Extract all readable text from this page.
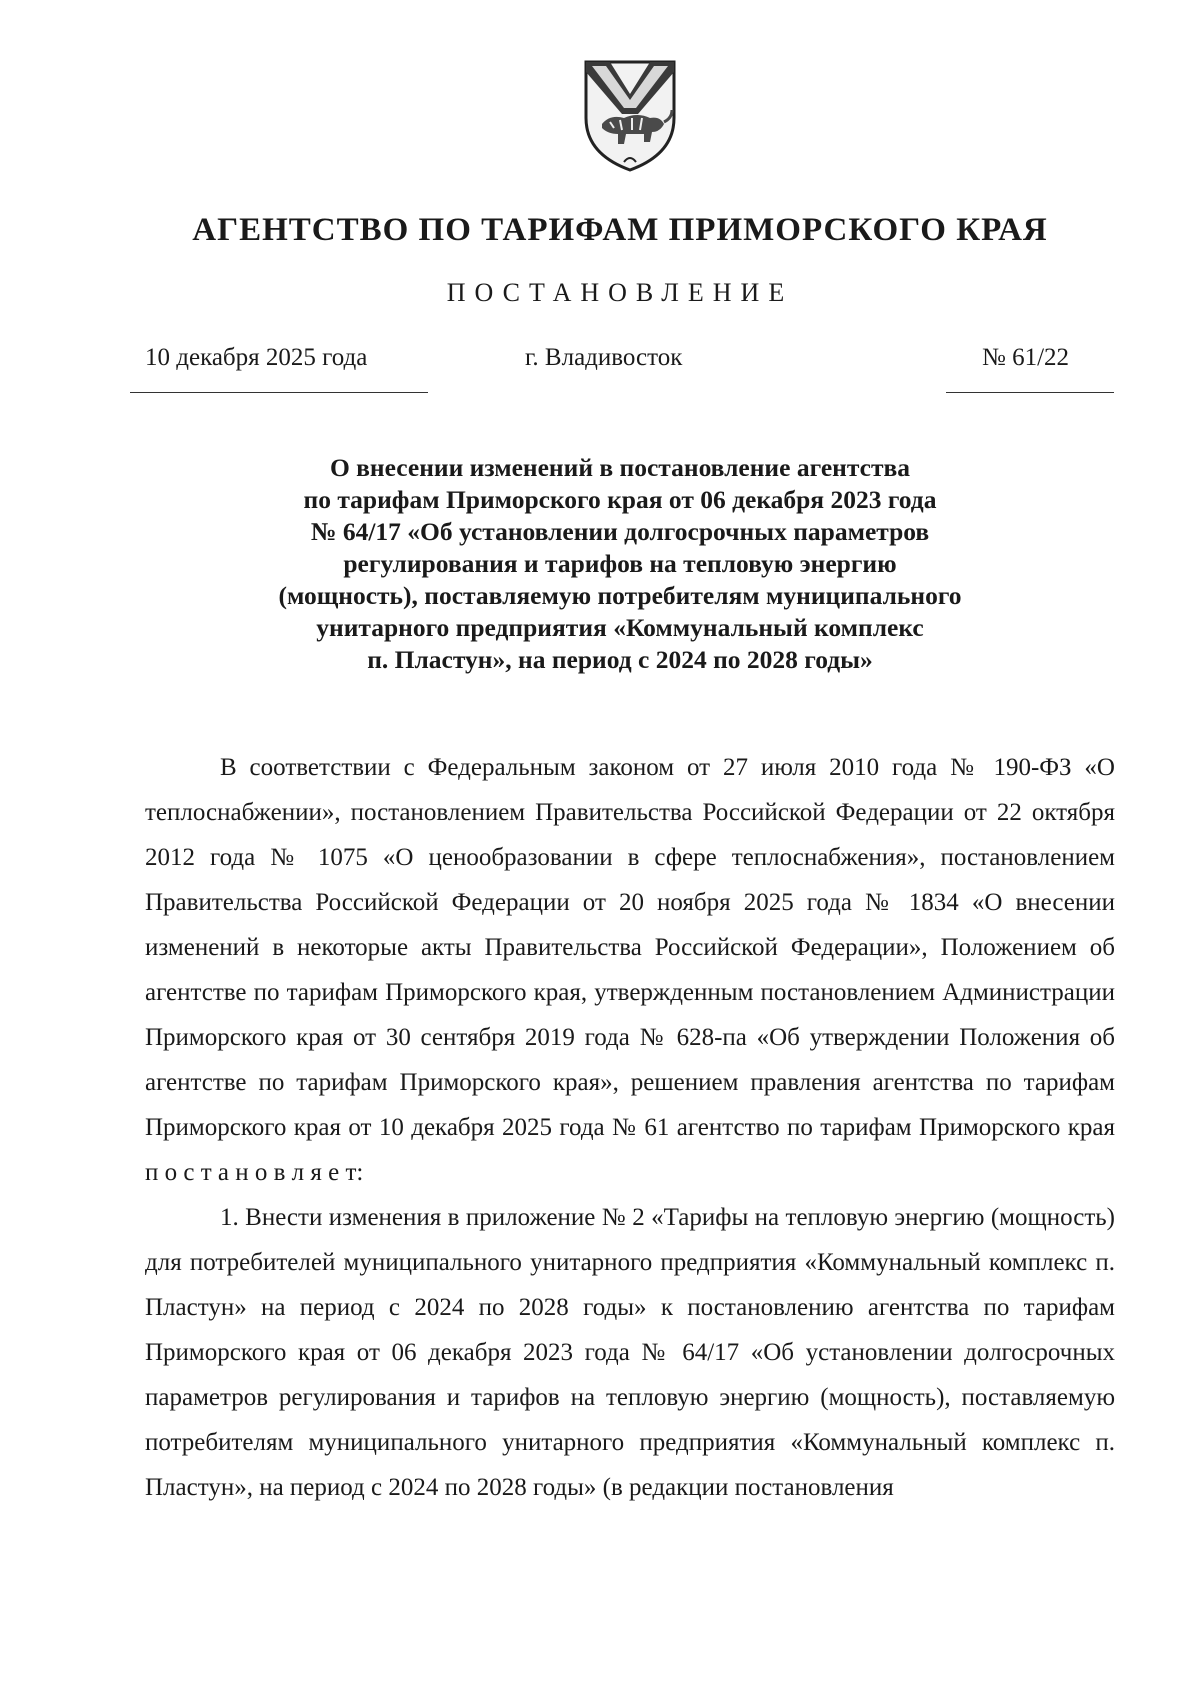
АГЕНТСТВО ПО ТАРИФАМ ПРИМОРСКОГО КРАЯ
ПОСТАНОВЛЕНИЕ
10 декабря 2025 года	г. Владивосток	№ 61/22
О внесении изменений в постановление агентства
по тарифам Приморского края от 06 декабря 2023 года
№ 64/17 «Об установлении долгосрочных параметров
регулирования и тарифов на тепловую энергию
(мощность), поставляемую потребителям муниципального
унитарного предприятия «Коммунальный комплекс
п. Пластун», на период с 2024 по 2028 годы»

В соответствии с Федеральным законом от 27 июля 2010 года № 190-ФЗ «О теплоснабжении», постановлением Правительства Российской Федерации от 22 октября 2012 года № 1075 «О ценообразовании в сфере теплоснабжения», постановлением Правительства Российской Федерации от 20 ноября 2025 года № 1834 «О внесении изменений в некоторые акты Правительства Российской Федерации», Положением об агентстве по тарифам Приморского края, утвержденным постановлением Администрации Приморского края от 30 сентября 2019 года № 628-па «Об утверждении Положения об агентстве по тарифам Приморского края», решением правления агентства по тарифам Приморского края от 10 декабря 2025 года № 61 агентство по тарифам Приморского края п о с т а н о в л я е т:

1. Внести изменения в приложение № 2 «Тарифы на тепловую энергию (мощность) для потребителей муниципального унитарного предприятия «Коммунальный комплекс п. Пластун» на период с 2024 по 2028 годы» к постановлению агентства по тарифам Приморского края от 06 декабря 2023 года № 64/17 «Об установлении долгосрочных параметров регулирования и тарифов на тепловую энергию (мощность), поставляемую потребителям муниципального унитарного предприятия «Коммунальный комплекс п. Пластун», на период с 2024 по 2028 годы» (в редакции постановления
